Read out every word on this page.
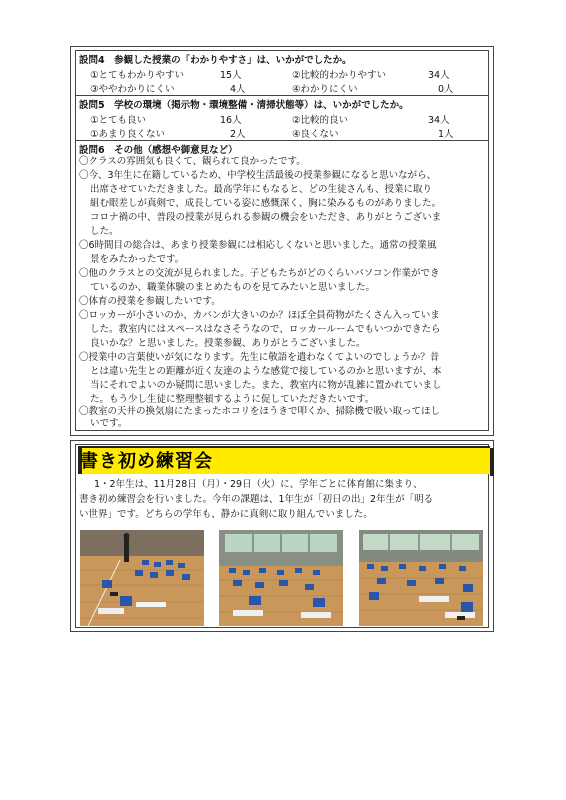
設問4　参観した授業の「わかりやすさ」は、いかがでしたか。
①とてもわかりやすい	15人	②比較的わかりやすい	34人
③ややわかりにくい	4人	④わかりにくい	0人
設問5　学校の環境（掲示物・環境整備・清掃状態等）は、いかがでしたか。
①とても良い	16人	②比較的良い	34人
①あまり良くない	2人	④良くない	1人
設問6　その他（感想や御意見など）
〇クラスの雰囲気も良くて、観られて良かったです。
〇今、3年生に在籍しているため、中学校生活最後の授業参観になると思いながら、
出席させていただきました。最高学年にもなると、どの生徒さんも、授業に取り
組む眼差しが真剣で、成長している姿に感慨深く、胸に染みるものがありました。
コロナ禍の中、普段の授業が見られる参観の機会をいただき、ありがとうございま
した。
〇6時間目の総合は、あまり授業参観には相応しくないと思いました。通常の授業風
景をみたかったです。
〇他のクラスとの交流が見られました。子どもたちがどのくらいパソコン作業ができ
ているのか、職業体験のまとめたものを見てみたいと思いました。
〇体育の授業を参観したいです。
〇ロッカーが小さいのか、カバンが大きいのか？ほぼ全員荷物がたくさん入っていま
した。教室内にはスペースはなさそうなので、ロッカールームでもいつかできたら
良いかな？と思いました。授業参観、ありがとうございました。
〇授業中の言葉使いが気になります。先生に敬語を遣わなくてよいのでしょうか？昔
とは違い先生との距離が近く友達のような感覚で接しているのかと思いますが、本
当にそれでよいのか疑問に思いました。また、教室内に物が乱雑に置かれていまし
た。もう少し生徒に整理整頓するように促していただきたいです。
〇教室の天井の換気扇にたまったホコリをほうきで叩くか、掃除機で吸い取ってほし
いです。
書き初め練習会
1・2年生は、11月28日（月）・29日（火）に、学年ごとに体育館に集まり、
書き初め練習会を行いました。今年の課題は、1年生が「初日の出」2年生が「明る
い世界」です。どちらの学年も、静かに真剣に取り組んでいました。
